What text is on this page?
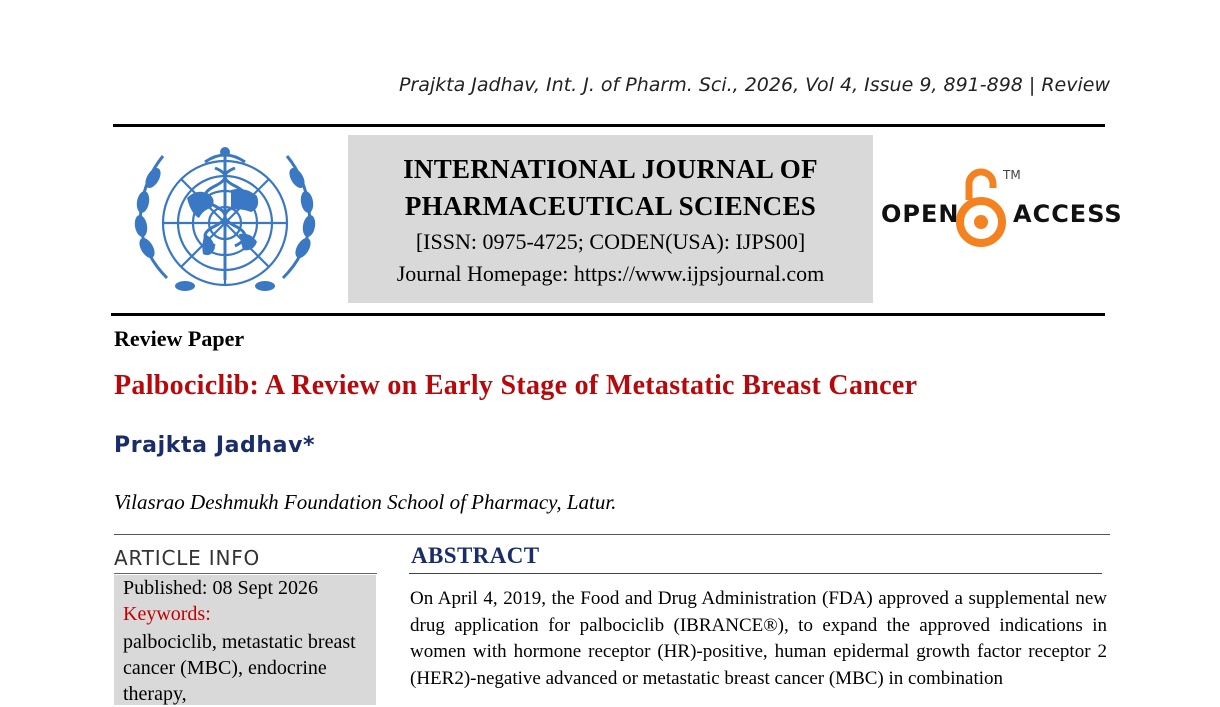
Prajkta Jadhav, Int. J. of Pharm. Sci., 2026, Vol 4, Issue 9, 891-898 | Review
INTERNATIONAL JOURNAL OF
PHARMACEUTICAL SCIENCES
[ISSN: 0975-4725; CODEN(USA): IJPS00]
Journal Homepage: https://www.ijpsjournal.com
OPEN
TM
ACCESS
Review Paper
Palbociclib: A Review on Early Stage of Metastatic Breast Cancer
Prajkta Jadhav*
Vilasrao Deshmukh Foundation School of Pharmacy, Latur.
ARTICLE INFO
Published: 08 Sept 2026
Keywords:
palbociclib, metastatic breast cancer (MBC), endocrine therapy,
ABSTRACT
On April 4, 2019, the Food and Drug Administration (FDA) approved a supplemental new drug application for palbociclib (IBRANCE®), to expand the approved indications in women with hormone receptor (HR)-positive, human epidermal growth factor receptor 2 (HER2)-negative advanced or metastatic breast cancer (MBC) in combination
